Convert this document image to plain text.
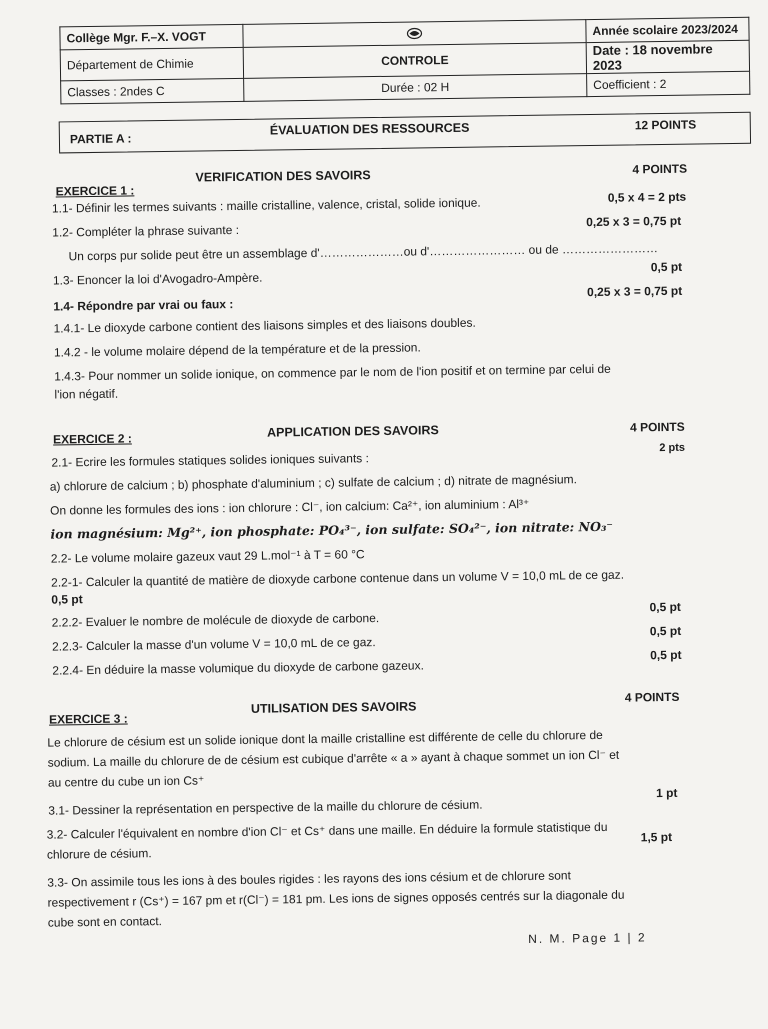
Collège Mgr. F.–X. VOGT		Année scolaire 2023/2024
Département de Chimie	CONTROLE	Date : 18 novembre 2023
Classes : 2ndes C	Durée : 02 H	Coefficient : 2
PARTIE A :
ÉVALUATION DES RESSOURCES	12 POINTS
EXERCICE 1 :
VERIFICATION DES SAVOIRS	4 POINTS
1.1- Définir les termes suivants : maille cristalline, valence, cristal, solide ionique.	0,5 x 4 = 2 pts
1.2- Compléter la phrase suivante :
0,25 x 3 = 0,75 pt
Un corps pur solide peut être un assemblage d'…………………ou d'…………………… ou de ……………………
1.3- Enoncer la loi d'Avogadro-Ampère.
0,5 pt
1.4- Répondre par vrai ou faux :
0,25 x 3 = 0,75 pt
1.4.1- Le dioxyde carbone contient des liaisons simples et des liaisons doubles.
1.4.2 - le volume molaire dépend de la température et de la pression.
1.4.3- Pour nommer un solide ionique, on commence par le nom de l'ion positif et on termine par celui de
l'ion négatif.
EXERCICE 2 :	APPLICATION DES SAVOIRS	4 POINTS
2.1- Ecrire les formules statiques solides ioniques suivants :
2 pts
a) chlorure de calcium ; b) phosphate d'aluminium ; c) sulfate de calcium ; d) nitrate de magnésium.
On donne les formules des ions : ion chlorure : Cl⁻, ion calcium: Ca²⁺, ion aluminium : Al³⁺
ion magnésium: Mg²⁺, ion phosphate: PO₄³⁻, ion sulfate: SO₄²⁻, ion nitrate: NO₃⁻
2.2- Le volume molaire gazeux vaut 29 L.mol⁻¹ à T = 60 °C
2.2-1- Calculer la quantité de matière de dioxyde carbone contenue dans un volume V = 10,0 mL de ce gaz.
0,5 pt
2.2.2- Evaluer le nombre de molécule de dioxyde de carbone.
0,5 pt
2.2.3- Calculer la masse d'un volume V = 10,0 mL de ce gaz.
0,5 pt
2.2.4- En déduire la masse volumique du dioxyde de carbone gazeux.
0,5 pt
EXERCICE 3 :
UTILISATION DES SAVOIRS
4 POINTS
Le chlorure de césium est un solide ionique dont la maille cristalline est différente de celle du chlorure de
sodium. La maille du chlorure de de césium est cubique d'arrête « a » ayant à chaque sommet un ion Cl⁻ et
au centre du cube un ion Cs⁺
3.1- Dessiner la représentation en perspective de la maille du chlorure de césium.
1 pt
3.2- Calculer l'équivalent en nombre d'ion Cl⁻ et Cs⁺ dans une maille. En déduire la formule statistique du
chlorure de césium.
1,5 pt
3.3- On assimile tous les ions à des boules rigides : les rayons des ions césium et de chlorure sont
respectivement r (Cs⁺) = 167 pm et r(Cl⁻) = 181 pm. Les ions de signes opposés centrés sur la diagonale du
cube sont en contact.
N. M. Page 1 | 2
